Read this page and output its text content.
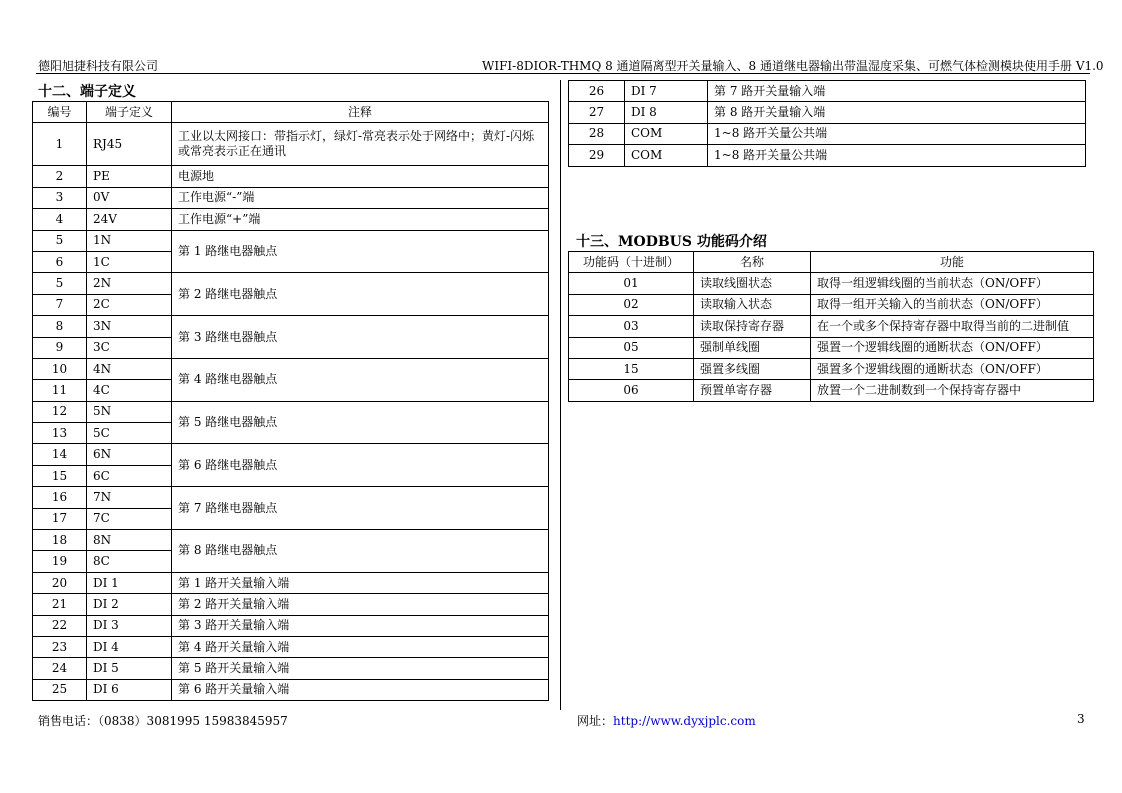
德阳旭捷科技有限公司	WIFI-8DIOR-THMQ 8 通道隔离型开关量输入、8 通道继电器输出带温湿度采集、可燃气体检测模块使用手册 V1.0
十二、端子定义
编号	端子定义	注释
1	RJ45	工业以太网接口：带指示灯，绿灯-常亮表示处于网络中；黄灯-闪烁或常亮表示正在通讯
2	PE	电源地
3	0V	工作电源“-”端
4	24V	工作电源“+”端
5	1N	第 1 路继电器触点
6	1C	
5	2N	第 2 路继电器触点
7	2C	
8	3N	第 3 路继电器触点
9	3C	
10	4N	第 4 路继电器触点
11	4C	
12	5N	第 5 路继电器触点
13	5C	
14	6N	第 6 路继电器触点
15	6C	
16	7N	第 7 路继电器触点
17	7C	
18	8N	第 8 路继电器触点
19	8C	
20	DI 1	第 1 路开关量输入端
21	DI 2	第 2 路开关量输入端
22	DI 3	第 3 路开关量输入端
23	DI 4	第 4 路开关量输入端
24	DI 5	第 5 路开关量输入端
25	DI 6	第 6 路开关量输入端
26	DI 7	第 7 路开关量输入端
27	DI 8	第 8 路开关量输入端
28	COM	1~8 路开关量公共端
29	COM	1~8 路开关量公共端
十三、MODBUS 功能码介绍
功能码（十进制）	名称	功能
01	读取线圈状态	取得一组逻辑线圈的当前状态（ON/OFF）
02	读取输入状态	取得一组开关输入的当前状态（ON/OFF）
03	读取保持寄存器	在一个或多个保持寄存器中取得当前的二进制值
05	强制单线圈	强置一个逻辑线圈的通断状态（ON/OFF）
15	强置多线圈	强置多个逻辑线圈的通断状态（ON/OFF）
06	预置单寄存器	放置一个二进制数到一个保持寄存器中
销售电话：（0838）3081995 15983845957	网址：http://www.dyxjplc.com	3
